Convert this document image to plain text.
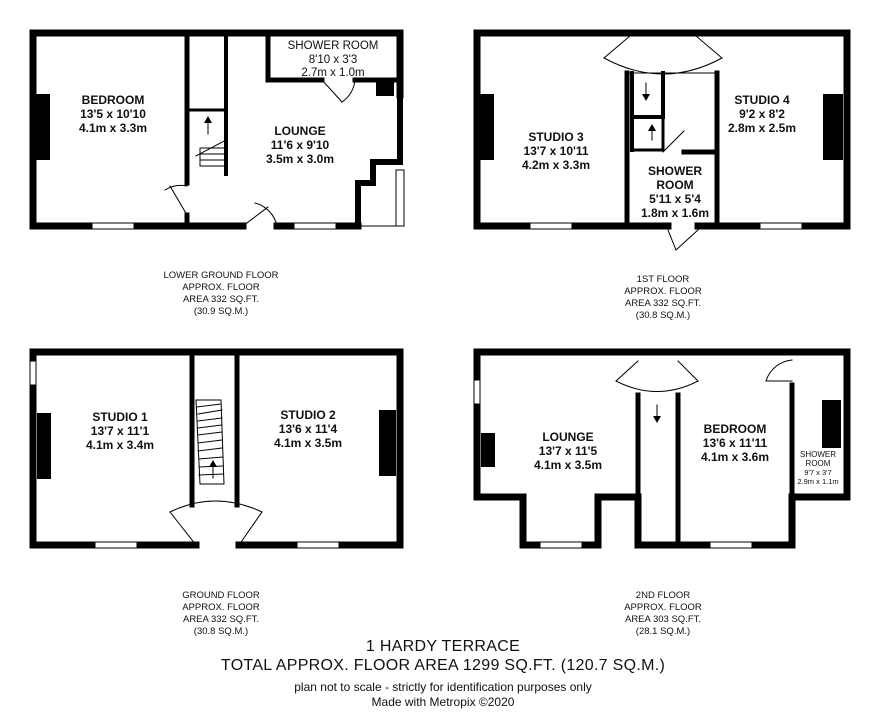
BEDROOM
13'5 x 10'10
4.1m x 3.3m
SHOWER ROOM
8'10 x 3'3
2.7m x 1.0m
LOUNGE
11'6 x 9'10
3.5m x 3.0m
STUDIO 3
13'7 x 10'11
4.2m x 3.3m
STUDIO 4
9'2 x 8'2
2.8m x 2.5m
SHOWER ROOM
5'11 x 5'4
1.8m x 1.6m
STUDIO 1
13'7 x 11'1
4.1m x 3.4m
STUDIO 2
13'6 x 11'4
4.1m x 3.5m	LOUNGE
13'7 x 11'5
4.1m x 3.5m
BEDROOM
13'6 x 11'11
4.1m x 3.6m	SHOWER ROOM
9'7 x 3'7
2.9m x 1.1m
LOWER GROUND FLOOR
APPROX. FLOOR
AREA 332 SQ.FT.
(30.9 SQ.M.)
1ST FLOOR
APPROX. FLOOR
AREA 332 SQ.FT.
(30.8 SQ.M.)
GROUND FLOOR
APPROX. FLOOR
AREA 332 SQ.FT.
(30.8 SQ.M.)
2ND FLOOR
APPROX. FLOOR
AREA 303 SQ.FT.
(28.1 SQ.M.)
1 HARDY TERRACE
TOTAL APPROX. FLOOR AREA 1299 SQ.FT. (120.7 SQ.M.)
plan not to scale - strictly for identification purposes only
Made with Metropix ©2020
